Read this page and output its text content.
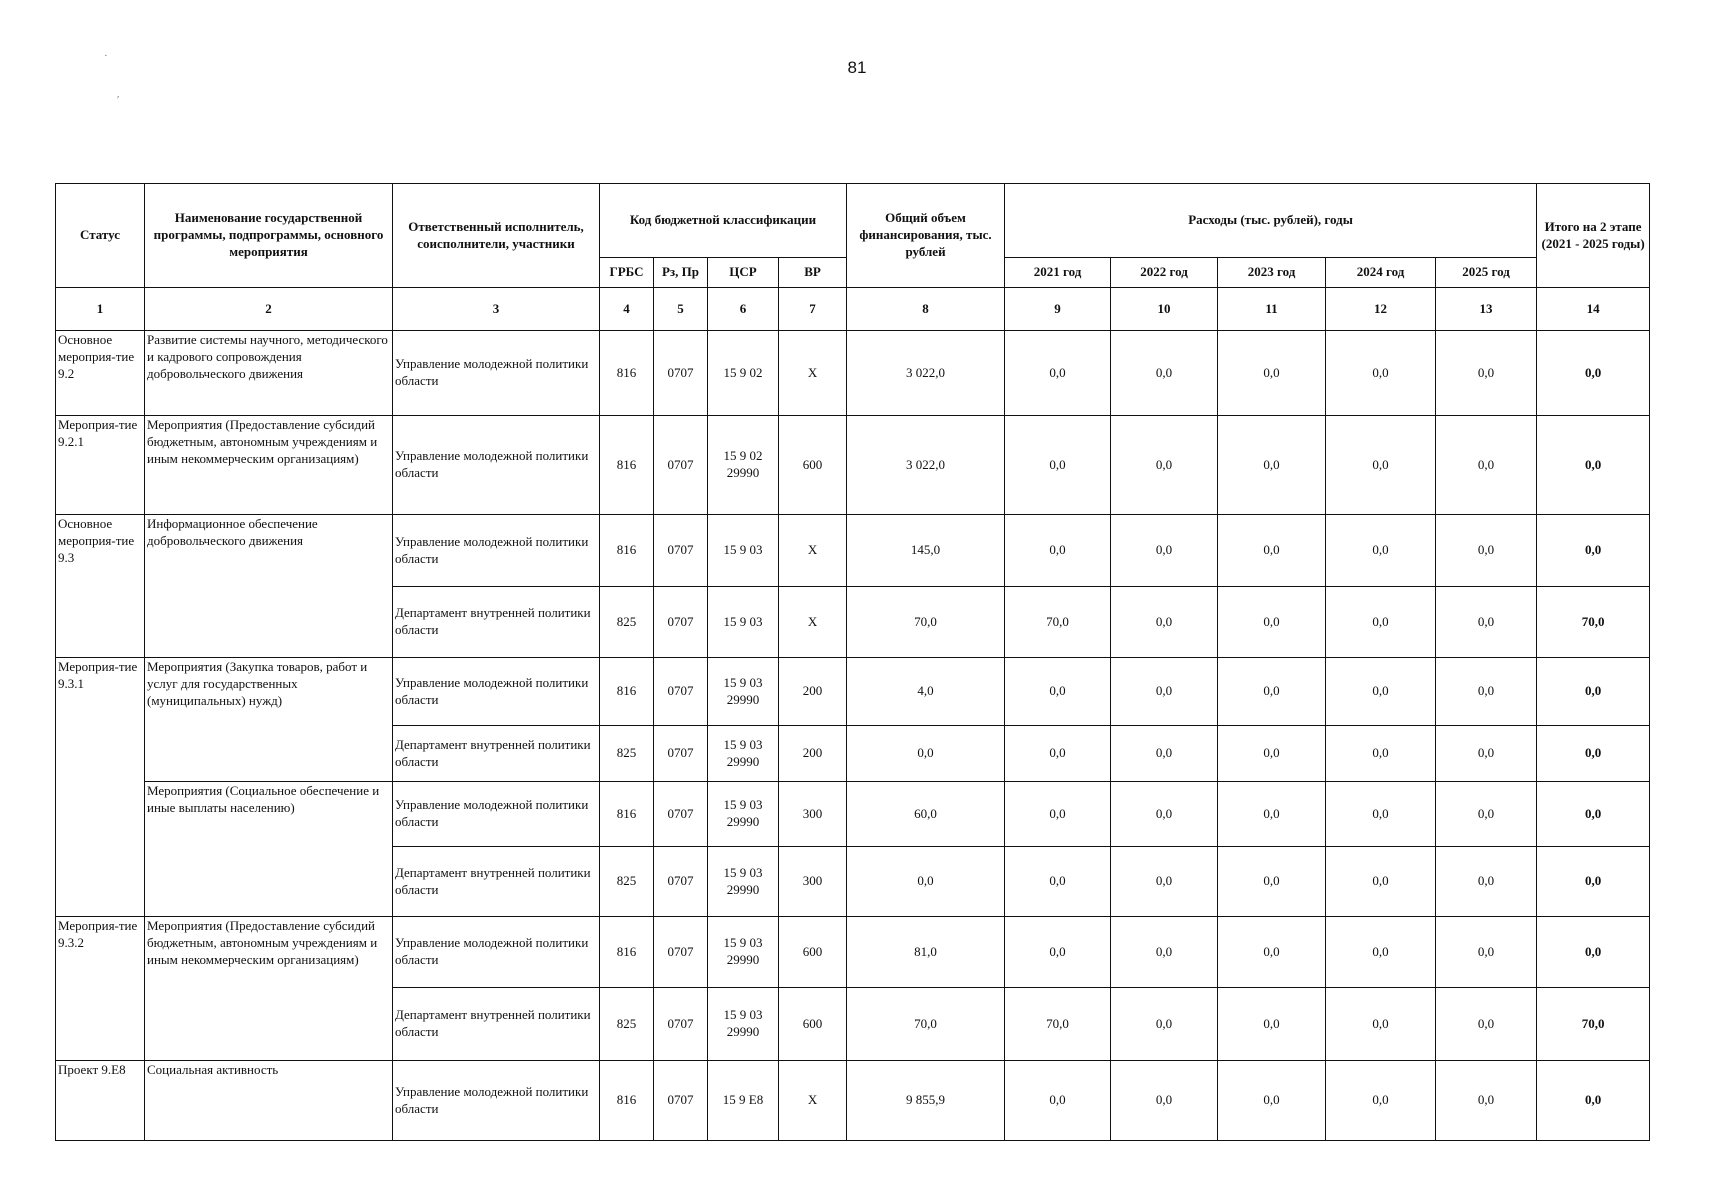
81
·
′
Статус	Наименование государственной программы, подпрограммы, основного мероприятия	Ответственный исполнитель, соисполнители, участники	Код бюджетной классификации				Общий объем финансирования, тыс. рублей	Расходы (тыс. рублей), годы					Итого на 2 этапе (2021 - 2025 годы)
			ГРБС	Рз, Пр	ЦСР	ВР		2021 год	2022 год	2023 год	2024 год	2025 год	
1	2	3	4	5	6	7	8	9	10	11	12	13	14
Основное мероприя-тие 9.2	Развитие системы научного, методического и кадрового сопровождения добровольческого движения	Управление молодежной политики области	816	0707	15 9 02	Х	3 022,0	0,0	0,0	0,0	0,0	0,0	0,0
Мероприя-тие 9.2.1	Мероприятия (Предоставление субсидий бюджетным, автономным учреждениям и иным некоммерческим организациям)	Управление молодежной политики области	816	0707	15 9 02 29990	600	3 022,0	0,0	0,0	0,0	0,0	0,0	0,0
Основное мероприя-тие 9.3	Информационное обеспечение добровольческого движения	Управление молодежной политики области	816	0707	15 9 03	Х	145,0	0,0	0,0	0,0	0,0	0,0	0,0
		Департамент внутренней политики области	825	0707	15 9 03	Х	70,0	70,0	0,0	0,0	0,0	0,0	70,0
Мероприя-тие 9.3.1	Мероприятия (Закупка товаров, работ и услуг для государственных (муниципальных) нужд)	Управление молодежной политики области	816	0707	15 9 03 29990	200	4,0	0,0	0,0	0,0	0,0	0,0	0,0
		Департамент внутренней политики области	825	0707	15 9 03 29990	200	0,0	0,0	0,0	0,0	0,0	0,0	0,0
	Мероприятия (Социальное обеспечение и иные выплаты населению)	Управление молодежной политики области	816	0707	15 9 03 29990	300	60,0	0,0	0,0	0,0	0,0	0,0	0,0
		Департамент внутренней политики области	825	0707	15 9 03 29990	300	0,0	0,0	0,0	0,0	0,0	0,0	0,0
Мероприя-тие 9.3.2	Мероприятия (Предоставление субсидий бюджетным, автономным учреждениям и иным некоммерческим организациям)	Управление молодежной политики области	816	0707	15 9 03 29990	600	81,0	0,0	0,0	0,0	0,0	0,0	0,0
		Департамент внутренней политики области	825	0707	15 9 03 29990	600	70,0	70,0	0,0	0,0	0,0	0,0	70,0
Проект 9.Е8	Социальная активность	Управление молодежной политики области	816	0707	15 9 Е8	Х	9 855,9	0,0	0,0	0,0	0,0	0,0	0,0
